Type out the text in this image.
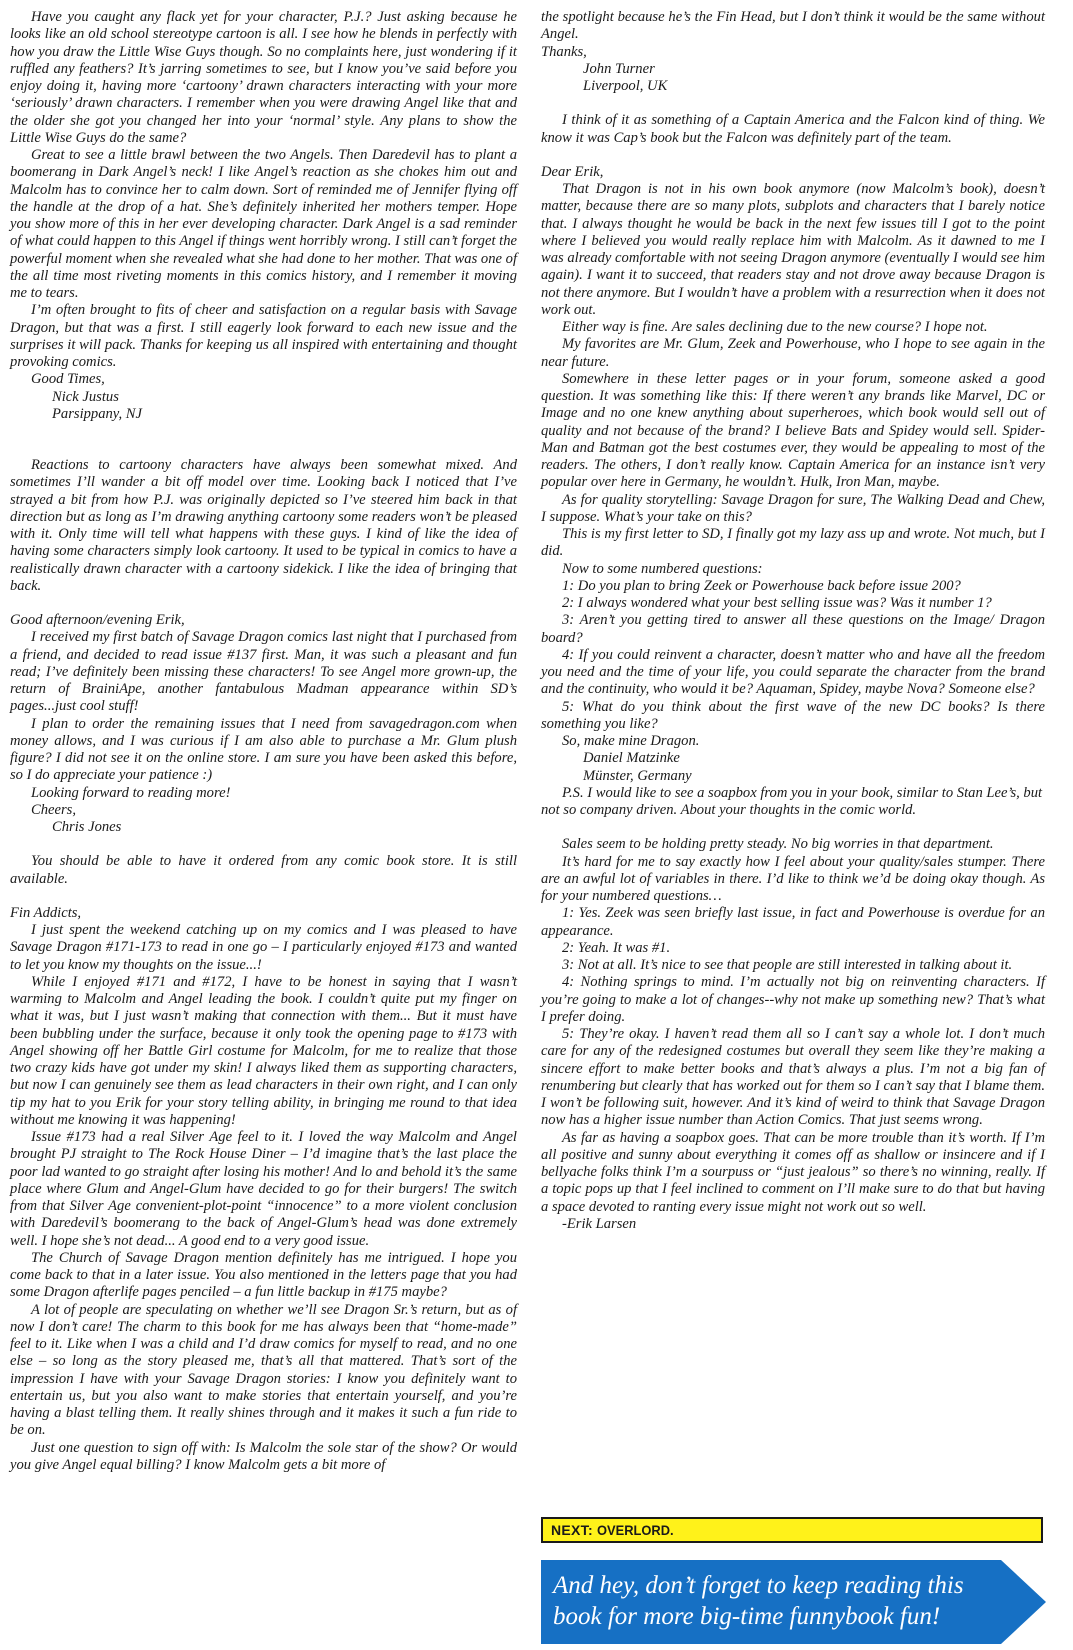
Have you caught any flack yet for your character, P.J.? Just asking because he looks like an old school stereotype cartoon is all. I see how he blends in perfectly with how you draw the Little Wise Guys though. So no complaints here, just wondering if it ruffled any feathers? It’s jarring sometimes to see, but I know you’ve said before you enjoy doing it, having more ‘cartoony’ drawn characters interacting with your more ‘seriously’ drawn characters. I remember when you were drawing Angel like that and the older she got you changed her into your ‘normal’ style. Any plans to show the Little Wise Guys do the same?

Great to see a little brawl between the two Angels. Then Daredevil has to plant a boomerang in Dark Angel’s neck! I like Angel’s reaction as she chokes him out and Malcolm has to convince her to calm down. Sort of reminded me of Jennifer flying off the handle at the drop of a hat. She’s definitely inherited her mothers temper. Hope you show more of this in her ever developing character. Dark Angel is a sad reminder of what could happen to this Angel if things went horribly wrong. I still can’t forget the powerful moment when she revealed what she had done to her mother. That was one of the all time most riveting moments in this comics history, and I remember it moving me to tears.

I’m often brought to fits of cheer and satisfaction on a regular basis with Savage Dragon, but that was a first. I still eagerly look forward to each new issue and the surprises it will pack. Thanks for keeping us all inspired with entertaining and thought provoking comics.

Good Times,

Nick Justus

Parsippany, NJ

Reactions to cartoony characters have always been somewhat mixed. And sometimes I’ll wander a bit off model over time. Looking back I noticed that I’ve strayed a bit from how P.J. was originally depicted so I’ve steered him back in that direction but as long as I’m drawing anything cartoony some readers won’t be pleased with it. Only time will tell what happens with these guys. I kind of like the idea of having some characters simply look cartoony. It used to be typical in comics to have a realistically drawn character with a cartoony sidekick. I like the idea of bringing that back.

Good afternoon/evening Erik,

I received my first batch of Savage Dragon comics last night that I purchased from a friend, and decided to read issue #137 first. Man, it was such a pleasant and fun read; I’ve definitely been missing these characters! To see Angel more grown-up, the return of BrainiApe, another fantabulous Madman appearance within SD’s pages...just cool stuff!

I plan to order the remaining issues that I need from savagedragon.com when money allows, and I was curious if I am also able to purchase a Mr. Glum plush figure? I did not see it on the online store. I am sure you have been asked this before, so I do appreciate your patience :)

Looking forward to reading more!

Cheers,

Chris Jones

You should be able to have it ordered from any comic book store. It is still available.

Fin Addicts,

I just spent the weekend catching up on my comics and I was pleased to have Savage Dragon #171-173 to read in one go – I particularly enjoyed #173 and wanted to let you know my thoughts on the issue...!

While I enjoyed #171 and #172, I have to be honest in saying that I wasn’t warming to Malcolm and Angel leading the book. I couldn’t quite put my finger on what it was, but I just wasn’t making that connection with them... But it must have been bubbling under the surface, because it only took the opening page to #173 with Angel showing off her Battle Girl costume for Malcolm, for me to realize that those two crazy kids have got under my skin! I always liked them as supporting characters, but now I can genuinely see them as lead characters in their own right, and I can only tip my hat to you Erik for your story telling ability, in bringing me round to that idea without me knowing it was happening!

Issue #173 had a real Silver Age feel to it. I loved the way Malcolm and Angel brought PJ straight to The Rock House Diner – I’d imagine that’s the last place the poor lad wanted to go straight after losing his mother! And lo and behold it’s the same place where Glum and Angel-Glum have decided to go for their burgers! The switch from that Silver Age convenient-plot-point “innocence” to a more violent conclusion with Daredevil’s boomerang to the back of Angel-Glum’s head was done extremely well. I hope she’s not dead... A good end to a very good issue.

The Church of Savage Dragon mention definitely has me intrigued. I hope you come back to that in a later issue. You also mentioned in the letters page that you had some Dragon afterlife pages penciled – a fun little backup in #175 maybe?

A lot of people are speculating on whether we’ll see Dragon Sr.’s return, but as of now I don’t care! The charm to this book for me has always been that “home-made” feel to it. Like when I was a child and I’d draw comics for myself to read, and no one else – so long as the story pleased me, that’s all that mattered. That’s sort of the impression I have with your Savage Dragon stories: I know you definitely want to entertain us, but you also want to make stories that entertain yourself, and you’re having a blast telling them. It really shines through and it makes it such a fun ride to be on.

Just one question to sign off with: Is Malcolm the sole star of the show? Or would you give Angel equal billing? I know Malcolm gets a bit more of

the spotlight because he’s the Fin Head, but I don’t think it would be the same without Angel.

Thanks,

John Turner

Liverpool, UK

I think of it as something of a Captain America and the Falcon kind of thing. We know it was Cap’s book but the Falcon was definitely part of the team.

Dear Erik,

That Dragon is not in his own book anymore (now Malcolm’s book), doesn’t matter, because there are so many plots, subplots and characters that I barely notice that. I always thought he would be back in the next few issues till I got to the point where I believed you would really replace him with Malcolm. As it dawned to me I was already comfortable with not seeing Dragon anymore (eventually I would see him again). I want it to succeed, that readers stay and not drove away because Dragon is not there anymore. But I wouldn’t have a problem with a resurrection when it does not work out.

Either way is fine. Are sales declining due to the new course? I hope not.

My favorites are Mr. Glum, Zeek and Powerhouse, who I hope to see again in the near future.

Somewhere in these letter pages or in your forum, someone asked a good question. It was something like this: If there weren’t any brands like Marvel, DC or Image and no one knew anything about superheroes, which book would sell out of quality and not because of the brand? I believe Bats and Spidey would sell. Spider-Man and Batman got the best costumes ever, they would be appealing to most of the readers. The others, I don’t really know. Captain America for an instance isn’t very popular over here in Germany, he wouldn’t. Hulk, Iron Man, maybe.

As for quality storytelling: Savage Dragon for sure, The Walking Dead and Chew, I suppose. What’s your take on this?

This is my first letter to SD, I finally got my lazy ass up and wrote. Not much, but I did.

Now to some numbered questions:

1: Do you plan to bring Zeek or Powerhouse back before issue 200?

2: I always wondered what your best selling issue was? Was it number 1?

3: Aren’t you getting tired to answer all these questions on the Image/ Dragon board?

4: If you could reinvent a character, doesn’t matter who and have all the freedom you need and the time of your life, you could separate the character from the brand and the continuity, who would it be? Aquaman, Spidey, maybe Nova? Someone else?

5: What do you think about the first wave of the new DC books? Is there something you like?

So, make mine Dragon.

Daniel Matzinke

Münster, Germany

P.S. I would like to see a soapbox from you in your book, similar to Stan Lee’s, but not so company driven. About your thoughts in the comic world.

Sales seem to be holding pretty steady. No big worries in that department.

It’s hard for me to say exactly how I feel about your quality/sales stumper. There are an awful lot of variables in there. I’d like to think we’d be doing okay though. As for your numbered questions…

1: Yes. Zeek was seen briefly last issue, in fact and Powerhouse is overdue for an appearance.

2: Yeah. It was #1.

3: Not at all. It’s nice to see that people are still interested in talking about it.

4: Nothing springs to mind. I’m actually not big on reinventing characters. If you’re going to make a lot of changes--why not make up something new? That’s what I prefer doing.

5: They’re okay. I haven’t read them all so I can’t say a whole lot. I don’t much care for any of the redesigned costumes but overall they seem like they’re making a sincere effort to make better books and that’s always a plus. I’m not a big fan of renumbering but clearly that has worked out for them so I can’t say that I blame them. I won’t be following suit, however. And it’s kind of weird to think that Savage Dragon now has a higher issue number than Action Comics. That just seems wrong.

As far as having a soapbox goes. That can be more trouble than it’s worth. If I’m all positive and sunny about everything it comes off as shallow or insincere and if I bellyache folks think I’m a sourpuss or “just jealous” so there’s no winning, really. If a topic pops up that I feel inclined to comment on I’ll make sure to do that but having a space devoted to ranting every issue might not work out so well.

-Erik Larsen

NEXT: OVERLORD.
And hey, don’t forget to keep reading this book for more big-time funnybook fun!
